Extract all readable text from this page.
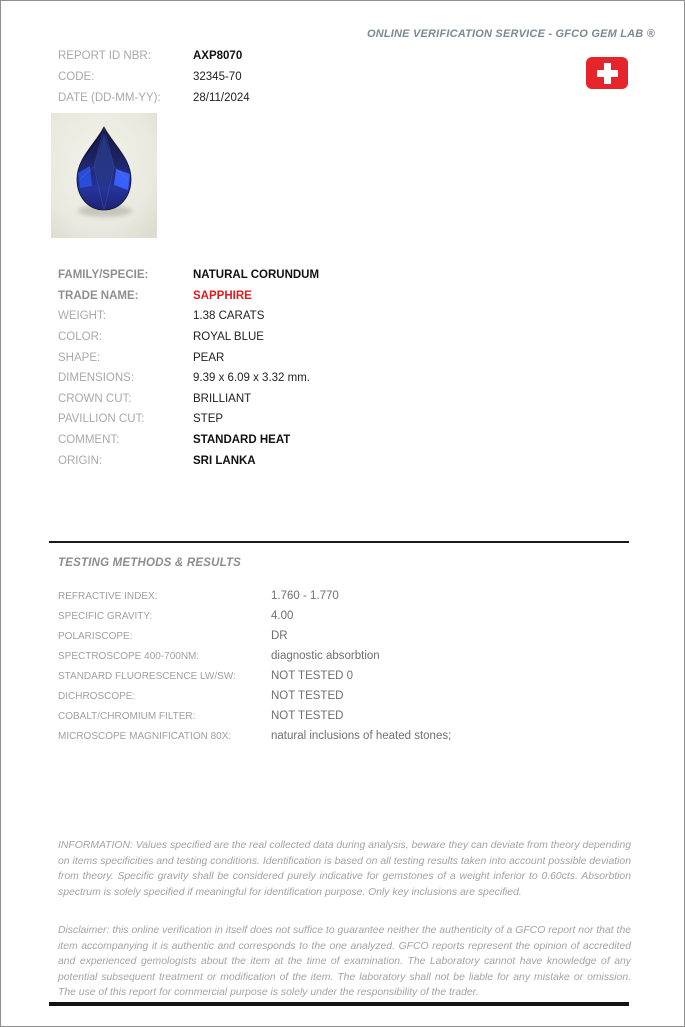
ONLINE VERIFICATION SERVICE - GFCO GEM LAB ®
REPORT ID NBR:	AXP8070
CODE:	32345-70
DATE (DD-MM-YY):	28/11/2024
FAMILY/SPECIE:	NATURAL CORUNDUM
TRADE NAME:	SAPPHIRE
WEIGHT:	1.38 CARATS
COLOR:	ROYAL BLUE
SHAPE:	PEAR
DIMENSIONS:	9.39 x 6.09 x 3.32 mm.
CROWN CUT:	BRILLIANT
PAVILLION CUT:	STEP
COMMENT:	STANDARD HEAT
ORIGIN:	SRI LANKA
TESTING METHODS & RESULTS
REFRACTIVE INDEX:	1.760 - 1.770
SPECIFIC GRAVITY:	4.00
POLARISCOPE:	DR
SPECTROSCOPE 400-700NM:	diagnostic absorbtion
STANDARD FLUORESCENCE LW/SW:	NOT TESTED 0
DICHROSCOPE:	NOT TESTED
COBALT/CHROMIUM FILTER:	NOT TESTED
MICROSCOPE MAGNIFICATION 80X:	natural inclusions of heated stones;
INFORMATION: Values specified are the real collected data during analysis, beware they can deviate from theory depending on items specificities and testing conditions. Identification is based on all testing results taken into account possible deviation from theory. Specific gravity shall be considered purely indicative for gemstones of a weight inferior to 0.60cts. Absorbtion spectrum is solely specified if meaningful for identification purpose. Only key inclusions are specified.
Disclaimer: this online verification in itself does not suffice to guarantee neither the authenticity of a GFCO report nor that the item accompanying it is authentic and corresponds to the one analyzed. GFCO reports represent the opinion of accredited and experienced gemologists about the item at the time of examination. The Laboratory cannot have knowledge of any potential subsequent treatment or modification of the item. The laboratory shall not be liable for any mistake or omission. The use of this report for commercial purpose is solely under the responsibility of the trader.
